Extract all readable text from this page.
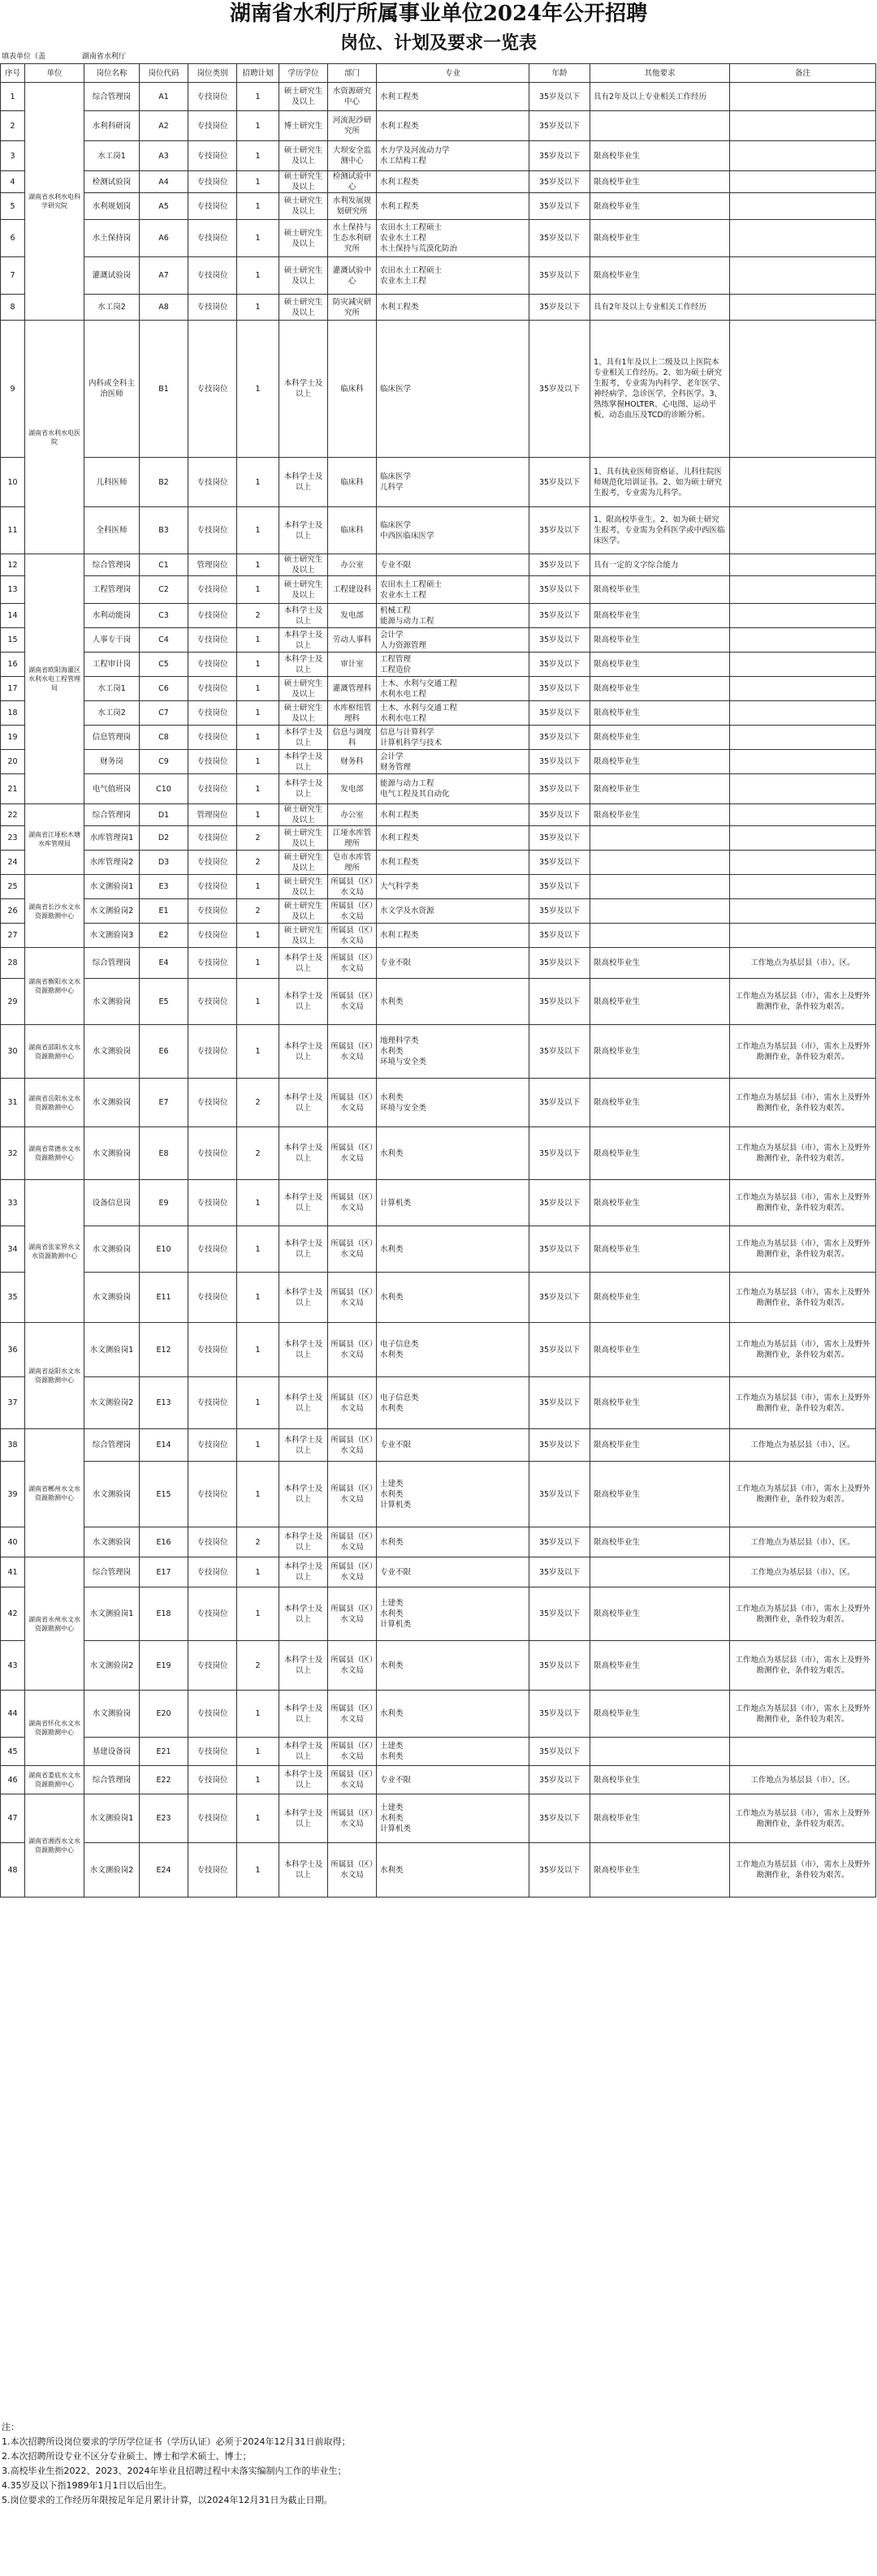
湖南省水利厅所属事业单位2024年公开招聘
岗位、计划及要求一览表
填表单位（盖	湖南省水利厅
序号	单位	岗位名称	岗位代码	岗位类别	招聘计划	学历学位	部门	专业	年龄	其他要求	备注
1	湖南省水利水电科学研究院	综合管理岗	A1	专技岗位	1	硕士研究生及以上	水资源研究中心	水利工程类	35岁及以下	具有2年及以上专业相关工作经历	
2		水利科研岗	A2	专技岗位	1	博士研究生	河流泥沙研究所	水利工程类	35岁及以下		
3		水工岗1	A3	专技岗位	1	硕士研究生及以上	大坝安全监测中心	水力学及河流动力学
水工结构工程	35岁及以下	限高校毕业生	
4		检测试验岗	A4	专技岗位	1	硕士研究生及以上	检测试验中心	水利工程类	35岁及以下	限高校毕业生	
5		水利规划岗	A5	专技岗位	1	硕士研究生及以上	水利发展规划研究所	水利工程类	35岁及以下	限高校毕业生	
6		水土保持岗	A6	专技岗位	1	硕士研究生及以上	水土保持与生态水利研究所	农田水土工程硕士
农业水土工程
水土保持与荒漠化防治	35岁及以下	限高校毕业生	
7		灌溉试验岗	A7	专技岗位	1	硕士研究生及以上	灌溉试验中心	农田水土工程硕士
农业水土工程	35岁及以下	限高校毕业生	
8		水工岗2	A8	专技岗位	1	硕士研究生及以上	防灾减灾研究所	水利工程类	35岁及以下	具有2年及以上专业相关工作经历	
9	湖南省水利水电医院	内科或全科主治医师	B1	专技岗位	1	本科学士及以上	临床科	临床医学	35岁及以下	1、具有1年及以上二级及以上医院本专业相关工作经历。2、如为硕士研究生报考，专业需为内科学、老年医学、神经病学、急诊医学、全科医学。3、熟练掌握HOLTER、心电图、运动平板、动态血压及TCD的诊断分析。	
10		儿科医师	B2	专技岗位	1	本科学士及以上	临床科	临床医学
儿科学	35岁及以下	1、具有执业医师资格证、儿科住院医师规范化培训证书。2、如为硕士研究生报考，专业需为儿科学。	
11		全科医师	B3	专技岗位	1	本科学士及以上	临床科	临床医学
中西医临床医学	35岁及以下	1、限高校毕业生。2、如为硕士研究生报考，专业需为全科医学或中西医临床医学。	
12	湖南省欧阳海灌区水利水电工程管理局	综合管理岗	C1	管理岗位	1	硕士研究生及以上	办公室	专业不限	35岁及以下	具有一定的文字综合能力	
13		工程管理岗	C2	专技岗位	1	硕士研究生及以上	工程建设科	农田水土工程硕士
农业水土工程	35岁及以下	限高校毕业生	
14		水利动能岗	C3	专技岗位	2	本科学士及以上	发电部	机械工程
能源与动力工程	35岁及以下	限高校毕业生	
15		人事专干岗	C4	专技岗位	1	本科学士及以上	劳动人事科	会计学
人力资源管理	35岁及以下	限高校毕业生	
16		工程审计岗	C5	专技岗位	1	本科学士及以上	审计室	工程管理
工程造价	35岁及以下	限高校毕业生	
17		水工岗1	C6	专技岗位	1	硕士研究生及以上	灌溉管理科	土木、水利与交通工程
水利水电工程	35岁及以下	限高校毕业生	
18		水工岗2	C7	专技岗位	1	硕士研究生及以上	水库枢纽管理科	土木、水利与交通工程
水利水电工程	35岁及以下	限高校毕业生	
19		信息管理岗	C8	专技岗位	1	本科学士及以上	信息与调度科	信息与计算科学
计算机科学与技术	35岁及以下	限高校毕业生	
20		财务岗	C9	专技岗位	1	本科学士及以上	财务科	会计学
财务管理	35岁及以下	限高校毕业生	
21		电气值班岗	C10	专技岗位	1	本科学士及以上	发电部	能源与动力工程
电气工程及其自动化	35岁及以下	限高校毕业生	
22	湖南省江垭松木塘水库管理局	综合管理岗	D1	管理岗位	1	硕士研究生及以上	办公室	水利工程类	35岁及以下	限高校毕业生	
23		水库管理岗1	D2	专技岗位	2	硕士研究生及以上	江垭水库管理所	水利工程类	35岁及以下		
24		水库管理岗2	D3	专技岗位	2	硕士研究生及以上	皂市水库管理所	水利工程类	35岁及以下		
25	湖南省长沙水文水资源勘测中心	水文测验岗1	E3	专技岗位	1	硕士研究生及以上	所属县（区）水文局	大气科学类	35岁及以下		
26		水文测验岗2	E1	专技岗位	2	硕士研究生及以上	所属县（区）水文局	水文学及水资源	35岁及以下		
27		水文测验岗3	E2	专技岗位	1	硕士研究生及以上	所属县（区）水文局	水利工程类	35岁及以下		
28	湖南省衡阳水文水资源勘测中心	综合管理岗	E4	专技岗位	1	本科学士及以上	所属县（区）水文局	专业不限	35岁及以下	限高校毕业生	工作地点为基层县（市）、区。
29		水文测验岗	E5	专技岗位	1	本科学士及以上	所属县（区）水文局	水利类	35岁及以下	限高校毕业生	工作地点为基层县（市），需水上及野外勘测作业，条件较为艰苦。
30	湖南省邵阳水文水资源勘测中心	水文测验岗	E6	专技岗位	1	本科学士及以上	所属县（区）水文局	地理科学类
水利类
环境与安全类	35岁及以下	限高校毕业生	工作地点为基层县（市），需水上及野外勘测作业，条件较为艰苦。
31	湖南省岳阳水文水资源勘测中心	水文测验岗	E7	专技岗位	2	本科学士及以上	所属县（区）水文局	水利类
环境与安全类	35岁及以下	限高校毕业生	工作地点为基层县（市），需水上及野外勘测作业，条件较为艰苦。
32	湖南省常德水文水资源勘测中心	水文测验岗	E8	专技岗位	2	本科学士及以上	所属县（区）水文局	水利类	35岁及以下	限高校毕业生	工作地点为基层县（市），需水上及野外勘测作业，条件较为艰苦。
33	湖南省张家界水文水资源勘测中心	设备信息岗	E9	专技岗位	1	本科学士及以上	所属县（区）水文局	计算机类	35岁及以下	限高校毕业生	工作地点为基层县（市），需水上及野外勘测作业，条件较为艰苦。
34		水文测验岗	E10	专技岗位	1	本科学士及以上	所属县（区）水文局	水利类	35岁及以下	限高校毕业生	工作地点为基层县（市），需水上及野外勘测作业，条件较为艰苦。
35		水文测验岗	E11	专技岗位	1	本科学士及以上	所属县（区）水文局	水利类	35岁及以下	限高校毕业生	工作地点为基层县（市），需水上及野外勘测作业，条件较为艰苦。
36	湖南省益阳水文水资源勘测中心	水文测验岗1	E12	专技岗位	1	本科学士及以上	所属县（区）水文局	电子信息类
水利类	35岁及以下	限高校毕业生	工作地点为基层县（市），需水上及野外勘测作业，条件较为艰苦。
37		水文测验岗2	E13	专技岗位	1	本科学士及以上	所属县（区）水文局	电子信息类
水利类	35岁及以下	限高校毕业生	工作地点为基层县（市），需水上及野外勘测作业，条件较为艰苦。
38	湖南省郴州水文水资源勘测中心	综合管理岗	E14	专技岗位	1	本科学士及以上	所属县（区）水文局	专业不限	35岁及以下	限高校毕业生	工作地点为基层县（市）、区。
39		水文测验岗	E15	专技岗位	1	本科学士及以上	所属县（区）水文局	土建类
水利类
计算机类	35岁及以下	限高校毕业生	工作地点为基层县（市），需水上及野外勘测作业，条件较为艰苦。
40		水文测验岗	E16	专技岗位	2	本科学士及以上	所属县（区）水文局	水利类	35岁及以下	限高校毕业生	工作地点为基层县（市）、区。
41	湖南省永州水文水资源勘测中心	综合管理岗	E17	专技岗位	1	本科学士及以上	所属县（区）水文局	专业不限	35岁及以下		工作地点为基层县（市）、区。
42		水文测验岗1	E18	专技岗位	1	本科学士及以上	所属县（区）水文局	土建类
水利类
计算机类	35岁及以下	限高校毕业生	工作地点为基层县（市），需水上及野外勘测作业，条件较为艰苦。
43		水文测验岗2	E19	专技岗位	2	本科学士及以上	所属县（区）水文局	水利类	35岁及以下	限高校毕业生	工作地点为基层县（市），需水上及野外勘测作业，条件较为艰苦。
44	湖南省怀化水文水资源勘测中心	水文测验岗	E20	专技岗位	1	本科学士及以上	所属县（区）水文局	水利类	35岁及以下	限高校毕业生	工作地点为基层县（市），需水上及野外勘测作业，条件较为艰苦。
45		基建设备岗	E21	专技岗位	1	本科学士及以上	所属县（区）水文局	土建类
水利类	35岁及以下		
46	湖南省娄底水文水资源勘测中心	综合管理岗	E22	专技岗位	1	本科学士及以上	所属县（区）水文局	专业不限	35岁及以下	限高校毕业生	工作地点为基层县（市）、区。
47	湖南省湘西水文水资源勘测中心	水文测验岗1	E23	专技岗位	1	本科学士及以上	所属县（区）水文局	土建类
水利类
计算机类	35岁及以下	限高校毕业生	工作地点为基层县（市），需水上及野外勘测作业，条件较为艰苦。
48		水文测验岗2	E24	专技岗位	1	本科学士及以上	所属县（区）水文局	水利类	35岁及以下	限高校毕业生	工作地点为基层县（市），需水上及野外勘测作业，条件较为艰苦。
注：
1.本次招聘所设岗位要求的学历学位证书（学历认证）必须于2024年12月31日前取得；
2.本次招聘所设专业不区分专业硕士、博士和学术硕士、博士；
3.高校毕业生指2022、2023、2024年毕业且招聘过程中未落实编制内工作的毕业生；
4.35岁及以下指1989年1月1日以后出生。
5.岗位要求的工作经历年限按足年足月累计计算，以2024年12月31日为截止日期。
